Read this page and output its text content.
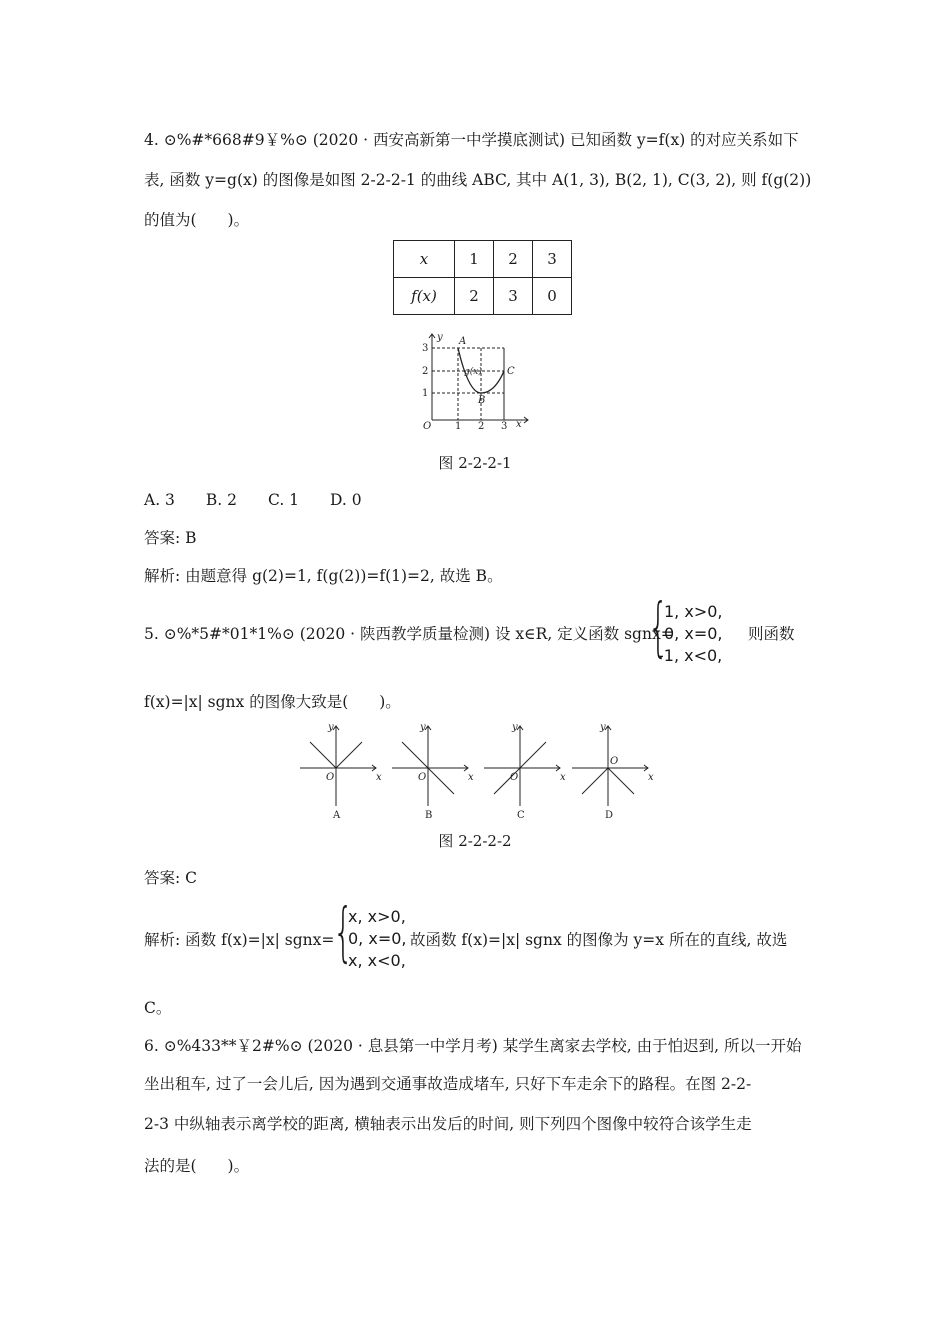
4. ⊙%#*668#9￥%⊙ (2020 · 西安高新第一中学摸底测试) 已知函数 y=f(x) 的对应关系如下
表, 函数 y=g(x) 的图像是如图 2-2-2-1 的曲线 ABC, 其中 A(1, 3), B(2, 1), C(3, 2), 则 f(g(2))
的值为(　　)。
x	1	2	3
f(x)	2	3	0
3
2
1
1 2 3
O	x
y A
B
C
g(x)
图 2-2-2-1
A. 3　　B. 2　　C. 1　　D. 0
答案: B
解析: 由题意得 g(2)=1, f(g(2))=f(1)=2, 故选 B。
5. ⊙%*5#*01*1%⊙ (2020 · 陕西教学质量检测) 设 x∈R, 定义函数 sgnx=
{
1, x>0,
0, x=0,
-1, x<0,
则函数
f(x)=|x| sgnx 的图像大致是(　　)。
y
x
O
y
x
O
y
x
O
y
x
O
A	B	C	D
图 2-2-2-2
答案: C
解析: 函数 f(x)=|x| sgnx=
{
x, x>0,
0, x=0,
x, x<0,
故函数 f(x)=|x| sgnx 的图像为 y=x 所在的直线, 故选
C。
6. ⊙%433**￥2#%⊙ (2020 · 息县第一中学月考) 某学生离家去学校, 由于怕迟到, 所以一开始
坐出租车, 过了一会儿后, 因为遇到交通事故造成堵车, 只好下车走余下的路程。在图 2-2-
2-3 中纵轴表示离学校的距离, 横轴表示出发后的时间, 则下列四个图像中较符合该学生走
法的是(　　)。
